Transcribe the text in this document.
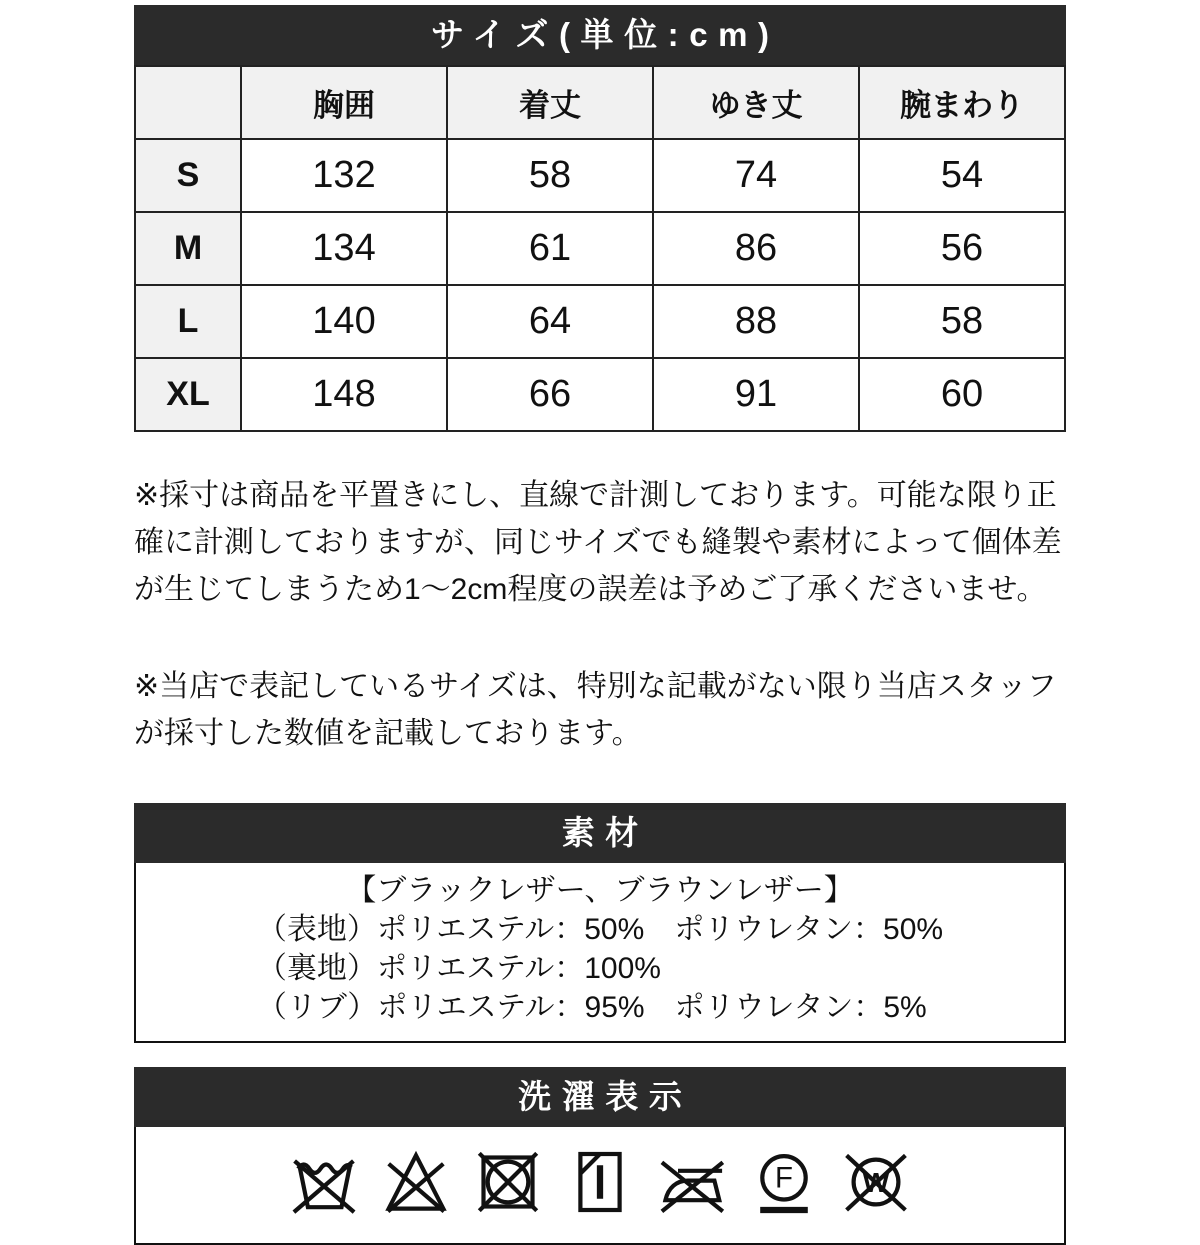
サイズ(単位:cm)
	胸囲	着丈	ゆき丈	腕まわり
S	132	58	74	54
M	134	61	86	56
L	140	64	88	58
XL	148	66	91	60

※採寸は商品を平置きにし、直線で計測しております。可能な限り正確に計測しておりますが、同じサイズでも縫製や素材によって個体差が生じてしまうため1〜2cm程度の誤差は予めご了承くださいませ。

※当店で表記しているサイズは、特別な記載がない限り当店スタッフが採寸した数値を記載しております。

素材
【ブラックレザー、ブラウンレザー】
（表地）ポリエステル：50%　ポリウレタン：50%
（裏地）ポリエステル：100%
（リブ）ポリエステル：95%　ポリウレタン：5%
洗濯表示
F W
